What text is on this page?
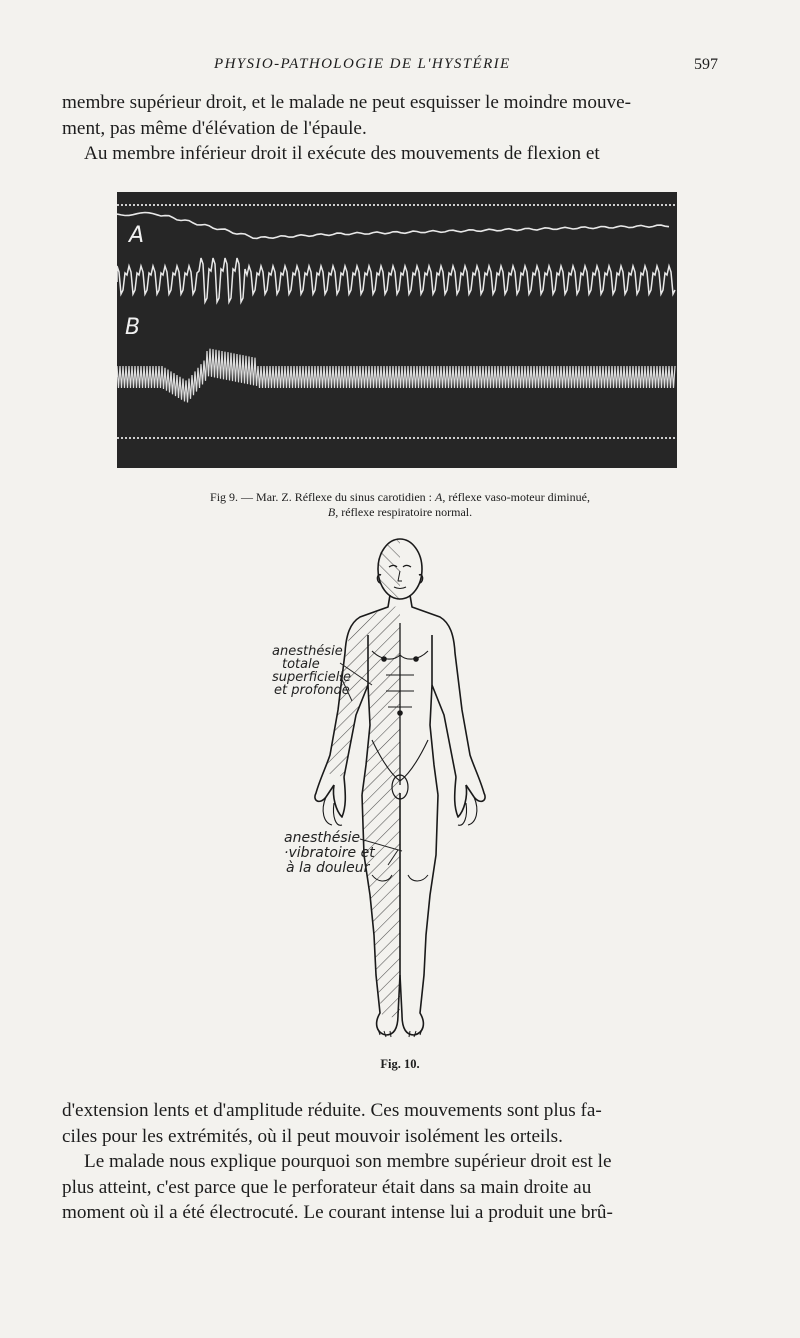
PHYSIO-PATHOLOGIE DE L'HYSTÉRIE	597

membre supérieur droit, et le malade ne peut esquisser le moindre mouve-

ment, pas même d'élévation de l'épaule.

Au membre inférieur droit il exécute des mouvements de flexion et

A
B
Fig 9. — Mar. Z. Réflexe du sinus carotidien : A, réflexe vaso-moteur diminué,
B, réflexe respiratoire normal.
anesthésie
totale
superficielle
et profonde
anesthésie
·vibratoire et
à la douleur
Fig. 10.

d'extension lents et d'amplitude réduite. Ces mouvements sont plus fa-

ciles pour les extrémités, où il peut mouvoir isolément les orteils.

Le malade nous explique pourquoi son membre supérieur droit est le

plus atteint, c'est parce que le perforateur était dans sa main droite au

moment où il a été électrocuté. Le courant intense lui a produit une brû-
